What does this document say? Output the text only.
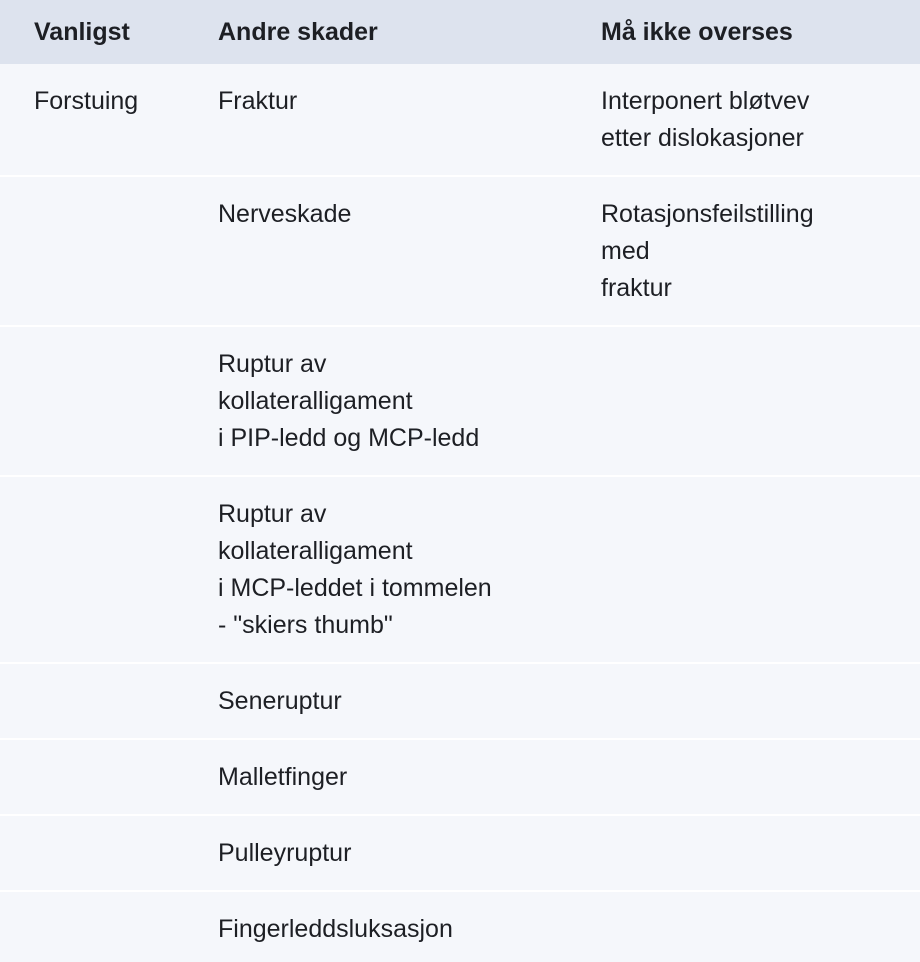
Vanligst	Andre skader	Må ikke overses

Forstuing	Fraktur	Interponert bløtvev
etter dislokasjoner

	Nerveskade	Rotasjonsfeilstilling
med
fraktur

	Ruptur av
kollateralligament
i PIP-ledd og MCP-ledd	

	Ruptur av
kollateralligament
i MCP-leddet i tommelen
- "skiers thumb"	

	Seneruptur	

	Malletfinger	

	Pulleyruptur	

	Fingerleddsluksasjon	
